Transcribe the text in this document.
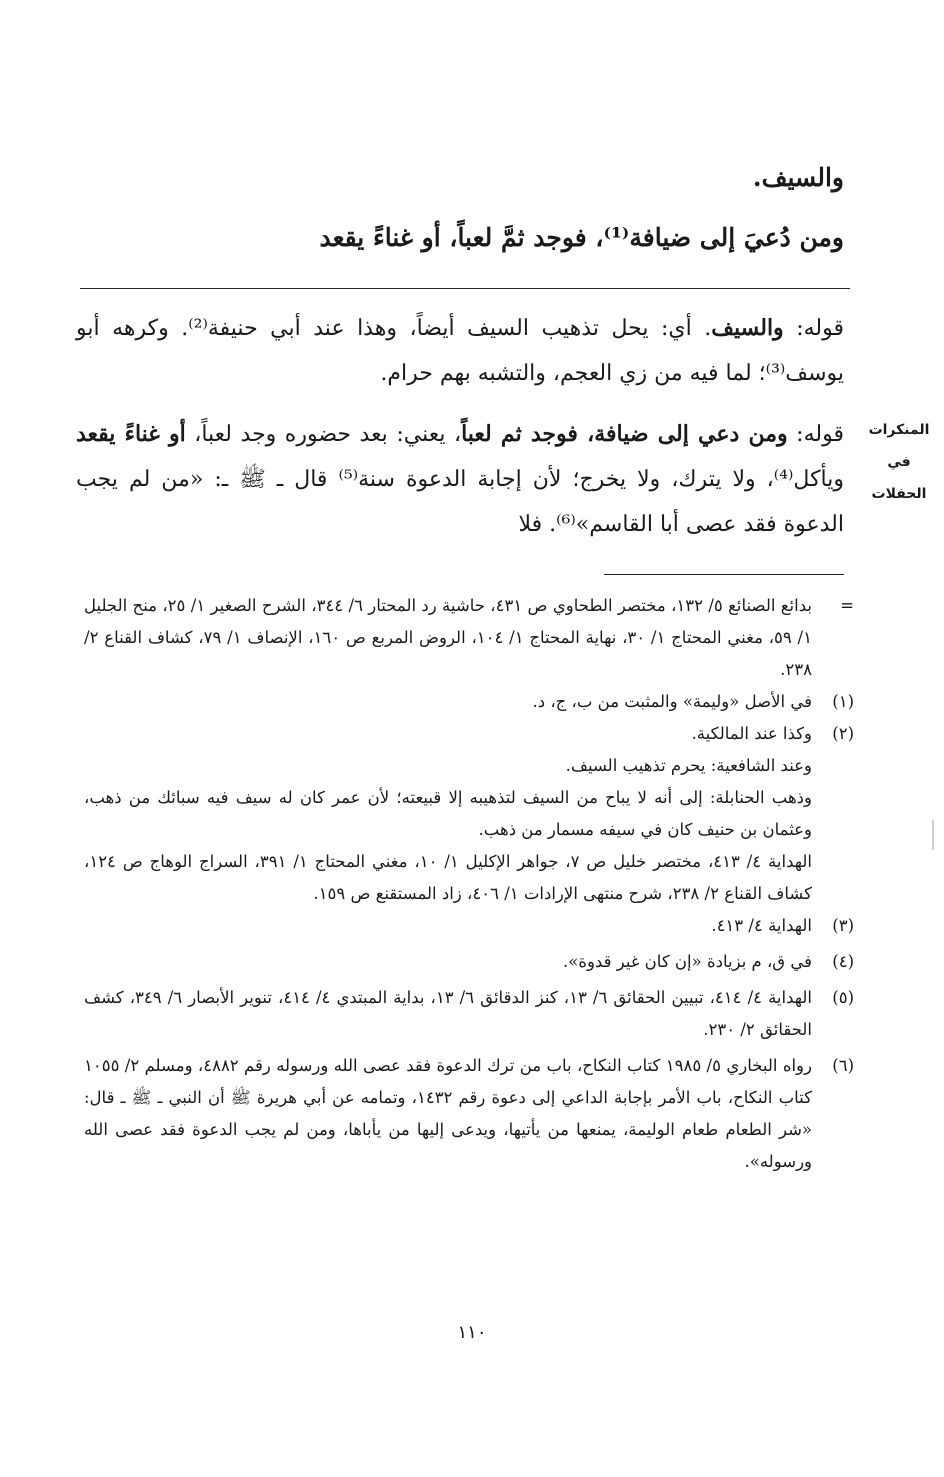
والسيف.
ومن دُعيَ إلى ضيافة⁽¹⁾، فوجد ثمَّ لعباً، أو غناءً يقعد
قوله: والسيف. أي: يحل تذهيب السيف أيضاً، وهذا عند أبي حنيفة⁽²⁾. وكرهه أبو يوسف⁽³⁾؛ لما فيه من زي العجم، والتشبه بهم حرام.
قوله: ومن دعي إلى ضيافة، فوجد ثم لعباً، يعني: بعد حضوره وجد لعباً، أو غناءً يقعد ويأكل⁽⁴⁾، ولا يترك، ولا يخرج؛ لأن إجابة الدعوة سنة⁽⁵⁾ قال ـ ﷺ ـ: «من لم يجب الدعوة فقد عصى أبا القاسم»⁽⁶⁾. فلا
المنكرات
في
الحفلات
=
بدائع الصنائع ٥/ ١٣٢، مختصر الطحاوي ص ٤٣١، حاشية رد المحتار ٦/ ٣٤٤، الشرح الصغير ١/ ٢٥، منح الجليل ١/ ٥٩، مغني المحتاج ١/ ٣٠، نهاية المحتاج ١/ ١٠٤، الروض المربع ص ١٦٠، الإنصاف ١/ ٧٩، كشاف القناع ٢/ ٢٣٨.
(١)
في الأصل «وليمة» والمثبت من ب، ج، د.
(٢)
وكذا عند المالكية.
وعند الشافعية: يحرم تذهيب السيف.
وذهب الحنابلة: إلى أنه لا يباح من السيف لتذهيبه إلا قبيعته؛ لأن عمر كان له سيف فيه سبائك من ذهب، وعثمان بن حنيف كان في سيفه مسمار من ذهب.
الهداية ٤/ ٤١٣، مختصر خليل ص ٧، جواهر الإكليل ١/ ١٠، مغني المحتاج ١/ ٣٩١، السراج الوهاج ص ١٢٤، كشاف القناع ٢/ ٢٣٨، شرح منتهى الإرادات ١/ ٤٠٦، زاد المستقنع ص ١٥٩.
(٣)
الهداية ٤/ ٤١٣.
(٤)
في ق، م بزيادة «إن كان غير قدوة».
(٥)
الهداية ٤/ ٤١٤، تبيين الحقائق ٦/ ١٣، كنز الدقائق ٦/ ١٣، بداية المبتدي ٤/ ٤١٤، تنوير الأبصار ٦/ ٣٤٩، كشف الحقائق ٢/ ٢٣٠.
(٦)
رواه البخاري ٥/ ١٩٨٥ كتاب النكاح، باب من ترك الدعوة فقد عصى الله ورسوله رقم ٤٨٨٢، ومسلم ٢/ ١٠٥٥ كتاب النكاح، باب الأمر بإجابة الداعي إلى دعوة رقم ١٤٣٢، وتمامه عن أبي هريرة ﷺ أن النبي ـ ﷺ ـ قال: «شر الطعام طعام الوليمة، يمنعها من يأتيها، ويدعى إليها من يأباها، ومن لم يجب الدعوة فقد عصى الله ورسوله».
١١٠
